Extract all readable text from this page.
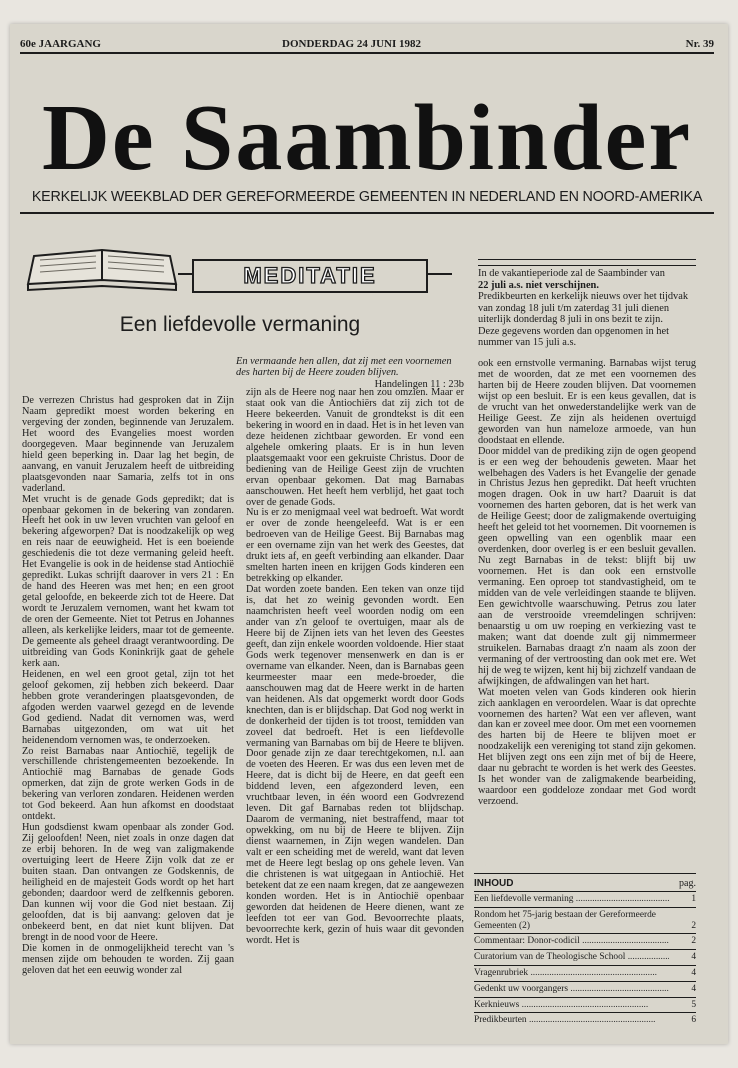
60e JAARGANG	DONDERDAG 24 JUNI 1982	Nr. 39
De Saambinder
KERKELIJK WEEKBLAD DER GEREFORMEERDE GEMEENTEN IN NEDERLAND EN NOORD-AMERIKA
MEDITATIE	In de vakantieperiode zal de Saambinder van
22 juli a.s. niet verschijnen.
Predikbeurten en kerkelijk nieuws over het tijdvak van zondag 18 juli t/m zaterdag 31 juli dienen uiterlijk donderdag 8 juli in ons bezit te zijn.
Deze gegevens worden dan opgenomen in het nummer van 15 juli a.s.
Een liefdevolle vermaning
En vermaande hen allen, dat zij met een voornemen des harten bij de Heere zouden blijven.
Handelingen 11 : 23b

De verrezen Christus had gesproken dat in Zijn Naam gepredikt moest worden bekering en vergeving der zonden, beginnende van Jeruzalem. Het woord des Evangelies moest worden doorgegeven. Maar beginnende van Jeruzalem hield geen beperking in. Daar lag het begin, de aanvang, en vanuit Jeruzalem heeft de uitbreiding plaatsgevonden naar Samaria, zelfs tot in ons vaderland.

Met vrucht is de genade Gods gepredikt; dat is openbaar gekomen in de bekering van zondaren. Heeft het ook in uw leven vruchten van geloof en bekering afgeworpen? Dat is noodzakelijk op weg en reis naar de eeuwigheid. Het is een boeiende geschiedenis die tot deze vermaning geleid heeft. Het Evangelie is ook in de heidense stad Antiochië gepredikt. Lukas schrijft daarover in vers 21 : En de hand des Heeren was met hen; en een groot getal geloofde, en bekeerde zich tot de Heere. Dat wordt te Jeruzalem vernomen, want het kwam tot de oren der Gemeente. Niet tot Petrus en Johannes alleen, als kerkelijke leiders, maar tot de gemeente. De gemeente als geheel draagt verantwoording. De uitbreiding van Gods Koninkrijk gaat de gehele kerk aan.

Heidenen, en wel een groot getal, zijn tot het geloof gekomen, zij hebben zich bekeerd. Daar hebben grote veranderingen plaatsgevonden, de afgoden werden vaarwel gezegd en de levende God gediend. Nadat dit vernomen was, werd Barnabas uitgezonden, om wat uit het heidenendom vernomen was, te onderzoeken.

Zo reist Barnabas naar Antiochië, tegelijk de verschillende christengemeenten bezoekende. In Antiochië mag Barnabas de genade Gods opmerken, dat zijn de grote werken Gods in de bekering van verloren zondaren. Heidenen werden tot God bekeerd. Aan hun afkomst en doodstaat ontdekt.

Hun godsdienst kwam openbaar als zonder God. Zij geloofden! Neen, niet zoals in onze dagen dat ze erbij behoren. In de weg van zaligmakende overtuiging leert de Heere Zijn volk dat ze er buiten staan. Dan ontvangen ze Godskennis, de heiligheid en de majesteit Gods wordt op het hart gebonden; daardoor werd de zelfkennis geboren. Dan kunnen wij voor die God niet bestaan. Zij geloofden, dat is bij aanvang: geloven dat je onbekeerd bent, en dat niet kunt blijven. Dat brengt in de nood voor de Heere.

Die komen in de onmogelijkheid terecht van 's mensen zijde om behouden te worden. Zij gaan geloven dat het een eeuwig wonder zal

zijn als de Heere nog naar hen zou omzien. Maar er staat ook van die Antiochiërs dat zij zich tot de Heere bekeerden. Vanuit de grondtekst is dit een bekering in woord en in daad. Het is in het leven van deze heidenen zichtbaar geworden. Er vond een algehele omkering plaats. Er is in hun leven plaatsgemaakt voor een gekruiste Christus. Door de bediening van de Heilige Geest zijn de vruchten ervan openbaar gekomen. Dat mag Barnabas aanschouwen. Het heeft hem verblijd, het gaat toch over de genade Gods.

Nu is er zo menigmaal veel wat bedroeft. Wat wordt er over de zonde heengeleefd. Wat is er een bedroeven van de Heilige Geest. Bij Barnabas mag er een overname zijn van het werk des Geestes, dat drukt iets af, en geeft verbinding aan elkander. Daar smelten harten ineen en krijgen Gods kinderen een betrekking op elkander.

Dat worden zoete banden. Een teken van onze tijd is, dat het zo weinig gevonden wordt. Een naamchristen heeft veel woorden nodig om een ander van z'n geloof te overtuigen, maar als de Heere bij de Zijnen iets van het leven des Geestes geeft, dan zijn enkele woorden voldoende. Hier staat Gods werk tegenover mensenwerk en dan is er overname van elkander. Neen, dan is Barnabas geen keurmeester maar een mede-broeder, die aanschouwen mag dat de Heere werkt in de harten van heidenen. Als dat opgemerkt wordt door Gods knechten, dan is er blijdschap. Dat God nog werkt in de donkerheid der tijden is tot troost, temidden van zoveel dat bedroeft. Het is een liefdevolle vermaning van Barnabas om bij de Heere te blijven. Door genade zijn ze daar terechtgekomen, n.l. aan de voeten des Heeren. Er was dus een leven met de Heere, dat is dicht bij de Heere, en dat geeft een biddend leven, een afgezonderd leven, een vruchtbaar leven, in één woord een Godvrezend leven. Dit gaf Barnabas reden tot blijdschap. Daarom de vermaning, niet bestraffend, maar tot opwekking, om nu bij de Heere te blijven. Zijn dienst waarnemen, in Zijn wegen wandelen. Dan valt er een scheiding met de wereld, want dat leven met de Heere legt beslag op ons gehele leven. Van die christenen is wat uitgegaan in Antiochië. Het betekent dat ze een naam kregen, dat ze aangewezen konden worden. Het is in Antiochië openbaar geworden dat heidenen de Heere dienen, want ze leefden tot eer van God. Bevoorrechte plaats, bevoorrechte kerk, gezin of huis waar dit gevonden wordt. Het is

ook een ernstvolle vermaning. Barnabas wijst terug met de woorden, dat ze met een voornemen des harten bij de Heere zouden blijven. Dat voornemen wijst op een besluit. Er is een keus gevallen, dat is de vrucht van het onwederstandelijke werk van de Heilige Geest. Ze zijn als heidenen overtuigd geworden van hun nameloze armoede, van hun doodstaat en ellende.

Door middel van de prediking zijn de ogen geopend is er een weg der behoudenis geweten. Maar het welbehagen des Vaders is het Evangelie der genade in Christus Jezus hen gepredikt. Dat heeft vruchten mogen dragen. Ook in uw hart? Daaruit is dat voornemen des harten geboren, dat is het werk van de Heilige Geest; door de zaligmakende overtuiging heeft het geleid tot het voornemen. Dit voornemen is geen opwelling van een ogenblik maar een overdenken, door overleg is er een besluit gevallen. Nu zegt Barnabas in de tekst: blijft bij uw voornemen. Het is dan ook een ernstvolle vermaning. Een oproep tot standvastigheid, om te midden van de vele verleidingen staande te blijven. Een gewichtvolle waarschuwing. Petrus zou later aan de verstrooide vreemdelingen schrijven: benaarstig u om uw roeping en verkiezing vast te maken; want dat doende zult gij nimmermeer struikelen. Barnabas draagt z'n naam als zoon der vermaning of der vertroosting dan ook met ere. Wet hij de weg te wijzen, kent hij bij zichzelf vandaan de afwijkingen, de afdwalingen van het hart.

Wat moeten velen van Gods kinderen ook hierin zich aanklagen en veroordelen. Waar is dat oprechte voornemen des harten? Wat een ver afleven, want dan kan er zoveel mee door. Om met een voornemen des harten bij de Heere te blijven moet er noodzakelijk een vereniging tot stand zijn gekomen. Het blijven zegt ons een zijn met of bij de Heere, daar nu gebracht te worden is het werk des Geestes. Is het wonder van de zaligmakende bearbeiding, waardoor een goddeloze zondaar met God wordt verzoend.

INHOUD	pag.
Een liefdevolle vermaning .....	1
Rondom het 75-jarig bestaan der Gereformeerde Gemeenten (2)	2
Commentaar: Donor-codicil .....	2
Curatorium van de Theologische School .....	4
Vragenrubriek .....	4
Gedenkt uw voorgangers .....	4
Kerknieuws .....	5
Predikbeurten .....	6
